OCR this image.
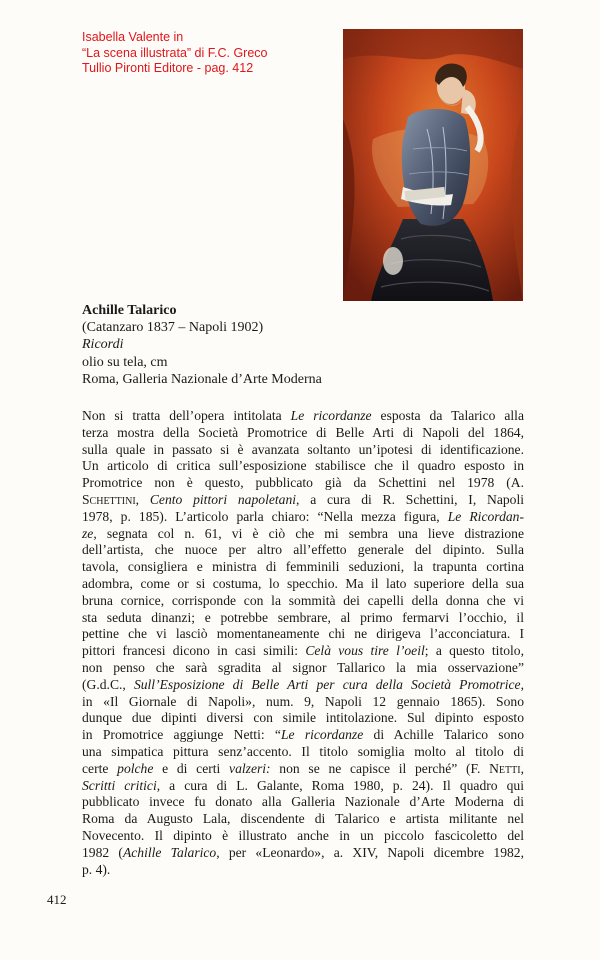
Isabella Valente in
“La scena illustrata” di F.C. Greco
Tullio Pironti Editore - pag. 412
Achille Talarico
(Catanzaro 1837 – Napoli 1902)
Ricordi
olio su tela, cm
Roma, Galleria Nazionale d’Arte Moderna
Non si tratta dell’opera intitolata Le ricordanze esposta da Talarico alla
terza mostra della Società Promotrice di Belle Arti di Napoli del 1864,
sulla quale in passato si è avanzata soltanto un’ipotesi di identificazione.
Un articolo di critica sull’esposizione stabilisce che il quadro esposto in
Promotrice non è questo, pubblicato già da Schettini nel 1978 (A.
Schettini, Cento pittori napoletani, a cura di R. Schettini, I, Napoli
1978, p. 185). L’articolo parla chiaro: “Nella mezza figura, Le Ricordan-
ze, segnata col n. 61, vi è ciò che mi sembra una lieve distrazione
dell’artista, che nuoce per altro all’effetto generale del dipinto. Sulla
tavola, consigliera e ministra di femminili seduzioni, la trapunta cortina
adombra, come or si costuma, lo specchio. Ma il lato superiore della sua
bruna cornice, corrisponde con la sommità dei capelli della donna che vi
sta seduta dinanzi; e potrebbe sembrare, al primo fermarvi l’occhio, il
pettine che vi lasciò momentaneamente chi ne dirigeva l’acconciatura. I
pittori francesi dicono in casi simili: Celà vous tire l’oeil; a questo titolo,
non penso che sarà sgradita al signor Tallarico la mia osservazione”
(G.d.C., Sull’Esposizione di Belle Arti per cura della Società Promotrice,
in «Il Giornale di Napoli», num. 9, Napoli 12 gennaio 1865). Sono
dunque due dipinti diversi con simile intitolazione. Sul dipinto esposto
in Promotrice aggiunge Netti: “Le ricordanze di Achille Talarico sono
una simpatica pittura senz’accento. Il titolo somiglia molto al titolo di
certe polche e di certi valzeri: non se ne capisce il perché” (F. Netti,
Scritti critici, a cura di L. Galante, Roma 1980, p. 24). Il quadro qui
pubblicato invece fu donato alla Galleria Nazionale d’Arte Moderna di
Roma da Augusto Lala, discendente di Talarico e artista militante nel
Novecento. Il dipinto è illustrato anche in un piccolo fascicoletto del
1982 (Achille Talarico, per «Leonardo», a. XIV, Napoli dicembre 1982,
p. 4).
412
